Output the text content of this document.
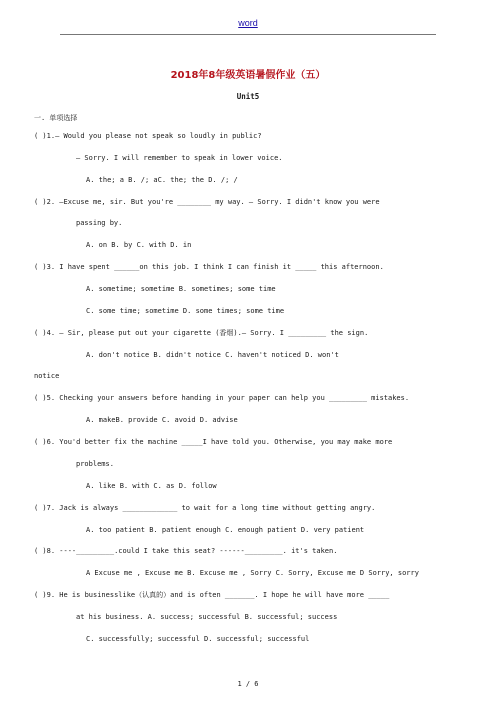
word
2018年8年级英语暑假作业（五）
Unit5
一. 单项选择
( )1.— Would you please not speak so loudly in public?
— Sorry. I will remember to speak in lower voice.
A. the; a B. /; aC. the; the D. /; /
( )2. —Excuse me, sir. But you're ________ my way. — Sorry. I didn't know you were
passing by.
A. on B. by C. with D. in
( )3. I have spent ______on this job. I think I can finish it _____ this afternoon.
A. sometime; sometime B. sometimes; some time
C. some time; sometime D. some times; some time
( )4. — Sir, please put out your cigarette (香烟).— Sorry. I _________ the sign.
A. don't notice B. didn't notice C. haven't noticed D. won't
notice
( )5. Checking your answers before handing in your paper can help you _________ mistakes.
A. makeB. provide C. avoid D. advise
( )6. You'd better fix the machine _____I have told you. Otherwise, you may make more
problems.
A. like B. with C. as D. follow
( )7. Jack is always _____________ to wait for a long time without getting angry.
A. too patient B. patient enough C. enough patient D. very patient
( )8. ----_________.could I take this seat? ------_________. it's taken.
A Excuse me , Excuse me B. Excuse me , Sorry C. Sorry, Excuse me D Sorry, sorry
( )9. He is businesslike（认真的）and is often _______. I hope he will have more _____
at his business. A. success; successful B. successful; success
C. successfully; successful D. successful; successful
1 / 6
